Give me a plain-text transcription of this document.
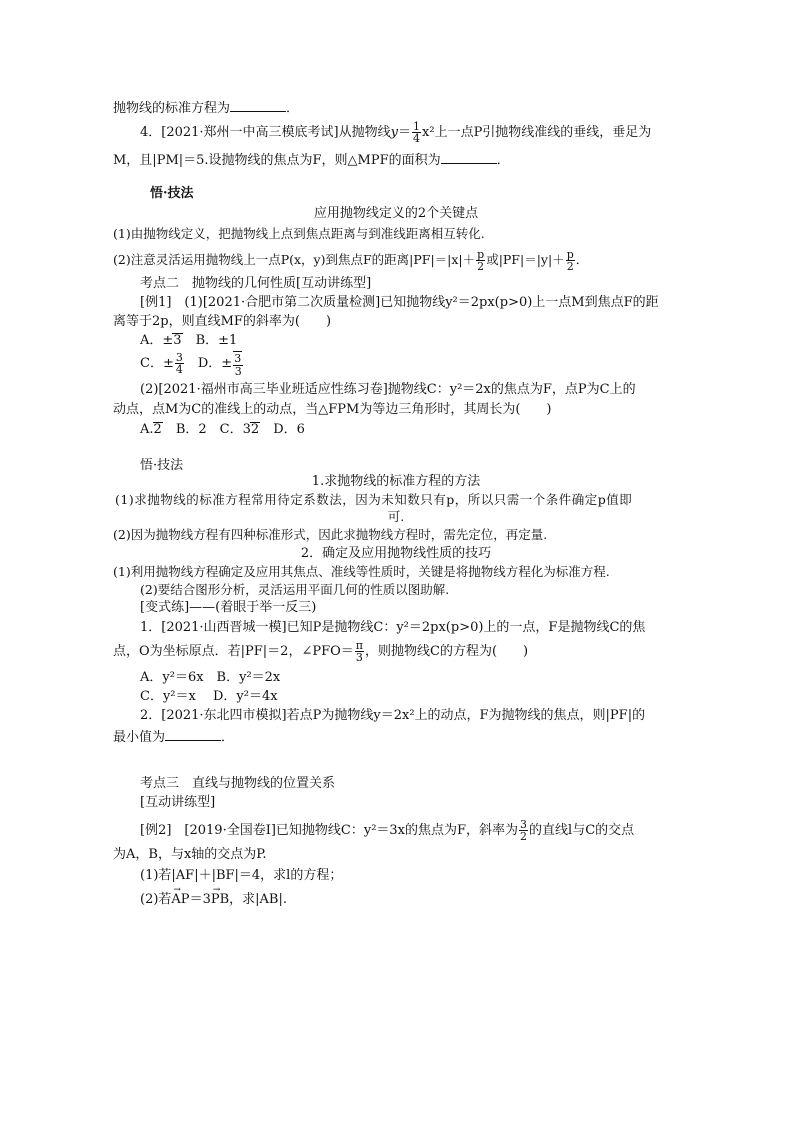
抛物线的标准方程为	．
4．[2021·郑州一中高三模底考试]从抛物线$y= \frac{1}{4} x^2$上一点P引抛物线准线的垂线，垂足为
M，且|PM|＝5.设抛物线的焦点为F，则△MPF的面积为	．
悟·技法
应用抛物线定义的2个关键点
(1)由抛物线定义，把抛物线上点到焦点距离与到准线距离相互转化.
(2)注意灵活运用抛物线上一点P(x，y)到焦点F的距离$|PF|=|x|+ \frac{p}{2}$ 或$|PF|=|y|+ \frac{p}{2}$ ．
考点二　抛物线的几何性质[互动讲练型]
[例1]　(1)[2021·合肥市第二次质量检测]已知抛物线y²＝2px(p>0)上一点M到焦点F的距
离等于2p，则直线MF的斜率为(　　)
A．±3　 B．±1
C．± $\frac{3}{4}$
　 D．± $\frac{3}{3}$
(2)[2021·福州市高三毕业班适应性练习卷]抛物线C：y²＝2x的焦点为F，点P为C上的
动点，点M为C的准线上的动点，当△FPM为等边三角形时，其周长为(　　)
A.2　 B．2　 C．32　 D．6
悟·技法
1.求抛物线的标准方程的方法
(1)求抛物线的标准方程常用待定系数法，因为未知数只有p，所以只需一个条件确定p值即
可.
(2)因为抛物线方程有四种标准形式，因此求抛物线方程时，需先定位，再定量.
2．确定及应用抛物线性质的技巧
(1)利用抛物线方程确定及应用其焦点、准线等性质时，关键是将抛物线方程化为标准方程.
(2)要结合图形分析，灵活运用平面几何的性质以图助解.
[变式练]——(着眼于举一反三)
1．[2021·山西晋城一模]已知P是抛物线C：y²＝2px(p>0)上的一点，F是抛物线C的焦
点，O为坐标原点．若|PF|＝2，∠PFO＝ $\frac{\pi}{3}$ ，则抛物线C的方程为(　　)
A．y²＝6x　B．y²＝2x
C．y²＝x　 D．y²＝4x
2．[2021·东北四市模拟]若点P为抛物线y＝2x²上的动点，F为抛物线的焦点，则|PF|的
最小值为	．
考点三　直线与抛物线的位置关系
[互动讲练型]
[例2]　[2019·全国卷Ⅰ]已知抛物线C：y²＝3x的焦点为F，斜率为 $\frac{3}{2}$ 的直线l与C的交点
为A，B，与x轴的交点为P.
(1)若|AF|＋|BF|＝4，求l的方程；
(2)若→ AP＝3→ PB，求|AB|.
